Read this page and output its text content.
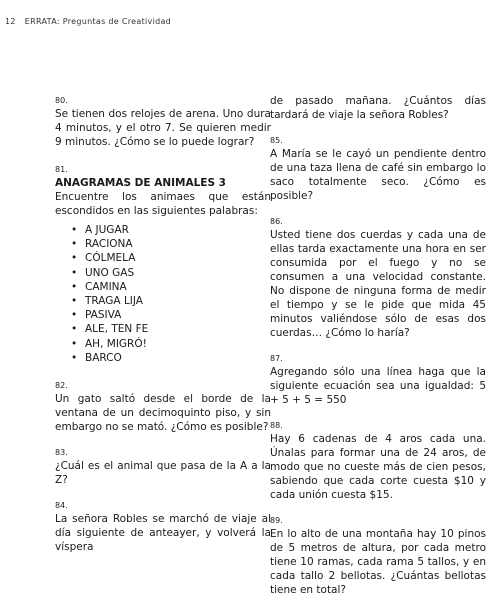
12 ERRATA: Preguntas de Creatividad
80.
Se tienen dos relojes de arena. Uno dura 4 minutos, y el otro 7. Se quieren medir 9 minutos. ¿Cómo se lo puede lograr?
81.
ANAGRAMAS DE ANIMALES 3
Encuentre los animaes que están escondidos en las siguientes palabras:
• A JUGAR
• RACIONA
• CÓLMELA
• UNO GAS
• CAMINA
• TRAGA LIJA
• PASIVA
• ALE, TEN FE
• AH, MIGRÓ!
• BARCO
82.
Un gato saltó desde el borde de la ventana de un decimoquinto piso, y sin embargo no se mató. ¿Cómo es posible?
83.
¿Cuál es el animal que pasa de la A a la Z?
84.
La señora Robles se marchó de viaje al día siguiente de anteayer, y volverá la víspera
de pasado mañana. ¿Cuántos días tardará de viaje la señora Robles?
85.
A María se le cayó un pendiente dentro de una taza llena de café sin embargo lo saco totalmente seco. ¿Cómo es posible?
86.
Usted tiene dos cuerdas y cada una de ellas tarda exactamente una hora en ser consumida por el fuego y no se consumen a una velocidad constante. No dispone de ninguna forma de medir el tiempo y se le pide que mida 45 minutos valiéndose sólo de esas dos cuerdas… ¿Cómo lo haría?
87.
Agregando sólo una línea haga que la siguiente ecuación sea una igualdad: 5 + 5 + 5 = 550
88.
Hay 6 cadenas de 4 aros cada una. Únalas para formar una de 24 aros, de modo que no cueste más de cien pesos, sabiendo que cada corte cuesta $10 y cada unión cuesta $15.
89.
En lo alto de una montaña hay 10 pinos de 5 metros de altura, por cada metro tiene 10 ramas, cada rama 5 tallos, y en cada tallo 2 bellotas. ¿Cuántas bellotas tiene en total?
